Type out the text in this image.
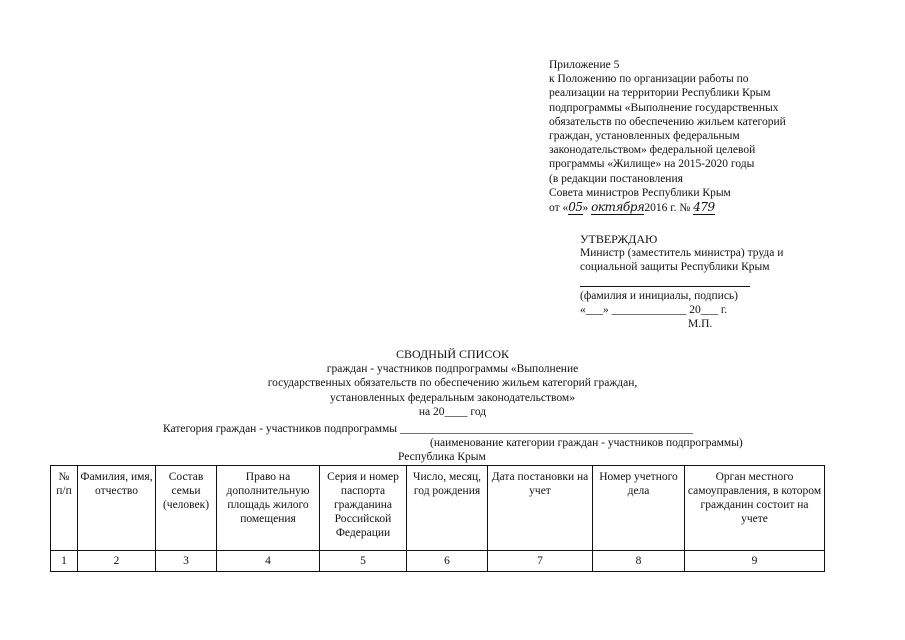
Приложение 5
к Положению по организации работы по
реализации на территории Республики Крым
подпрограммы «Выполнение государственных
обязательств по обеспечению жильем категорий
граждан, установленных федеральным
законодательством» федеральной целевой
программы «Жилище» на 2015-2020 годы
(в редакции постановления
Совета министров Республики Крым
от «05» октября2016 г. № 479
УТВЕРЖДАЮ
Министр (заместитель министра) труда и
социальной защиты Республики Крым
(фамилия и инициалы, подпись)
«___» _____________ 20___ г.
М.П.
СВОДНЫЙ СПИСОК
граждан - участников подпрограммы «Выполнение
государственных обязательств по обеспечению жильем категорий граждан,
установленных федеральным законодательством»
на 20____ год
Категория граждан - участников подпрограммы ___________________________________________________
(наименование категории граждан - участников подпрограммы)
Республика Крым
№ п/п	Фамилия, имя, отчество	Состав семьи (человек)	Право на дополнительную площадь жилого помещения	Серия и номер паспорта гражданина Российской Федерации	Число, месяц, год рождения	Дата постановки на учет	Номер учетного дела	Орган местного самоуправления, в котором гражданин состоит на учете
1	2	3	4	5	6	7	8	9
